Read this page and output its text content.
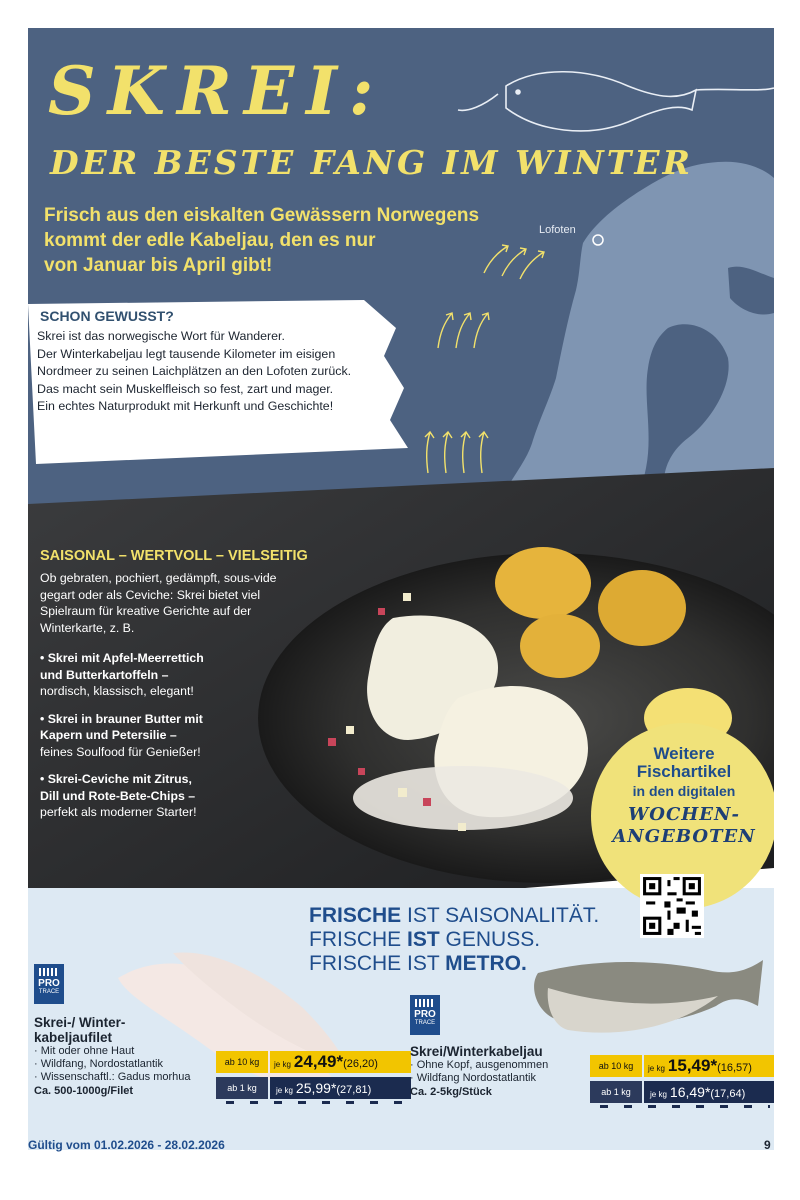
SKREI:
DER BESTE FANG IM WINTER
Frisch aus den eiskalten Gewässern Norwegens
kommt der edle Kabeljau, den es nur
von Januar bis April gibt!
Lofoten
SCHON GEWUSST?
Skrei ist das norwegische Wort für Wanderer.
Der Winterkabeljau legt tausende Kilometer im eisigen
Nordmeer zu seinen Laichplätzen an den Lofoten zurück.
Das macht sein Muskelfleisch so fest, zart und mager.
Ein echtes Naturprodukt mit Herkunft und Geschichte!
SAISONAL – WERTVOLL – VIELSEITIG
Ob gebraten, pochiert, gedämpft, sous-vide
gegart oder als Ceviche: Skrei bietet viel
Spielraum für kreative Gerichte auf der
Winterkarte, z. B.
• Skrei mit Apfel-Meerrettich
und Butterkartoffeln –
nordisch, klassisch, elegant!
• Skrei in brauner Butter mit
Kapern und Petersilie –
feines Soulfood für Genießer!
• Skrei-Ceviche mit Zitrus,
Dill und Rote-Bete-Chips –
perfekt als moderner Starter!
Weitere
Fischartikel
in den digitalen
WOCHEN-
ANGEBOTEN
FRISCHE IST SAISONALITÄT.
FRISCHE IST GENUSS.
FRISCHE IST METRO.
PRO
TRACE
PRO
TRACE
Skrei-/ Winter-
kabeljaufilet
· Mit oder ohne Haut
· Wildfang, Nordostatlantik
· Wissenschaftl.: Gadus morhua
Ca. 500-1000g/Filet
ab 10 kg	je kg 24,49*(26,20)
ab 1 kg	je kg 25,99*(27,81)
Skrei/Winterkabeljau
· Ohne Kopf, ausgenommen
· Wildfang Nordostatlantik
Ca. 2-5kg/Stück
ab 10 kg	je kg 15,49*(16,57)
ab 1 kg	je kg 16,49*(17,64)
Gültig vom 01.02.2026 - 28.02.2026	9
